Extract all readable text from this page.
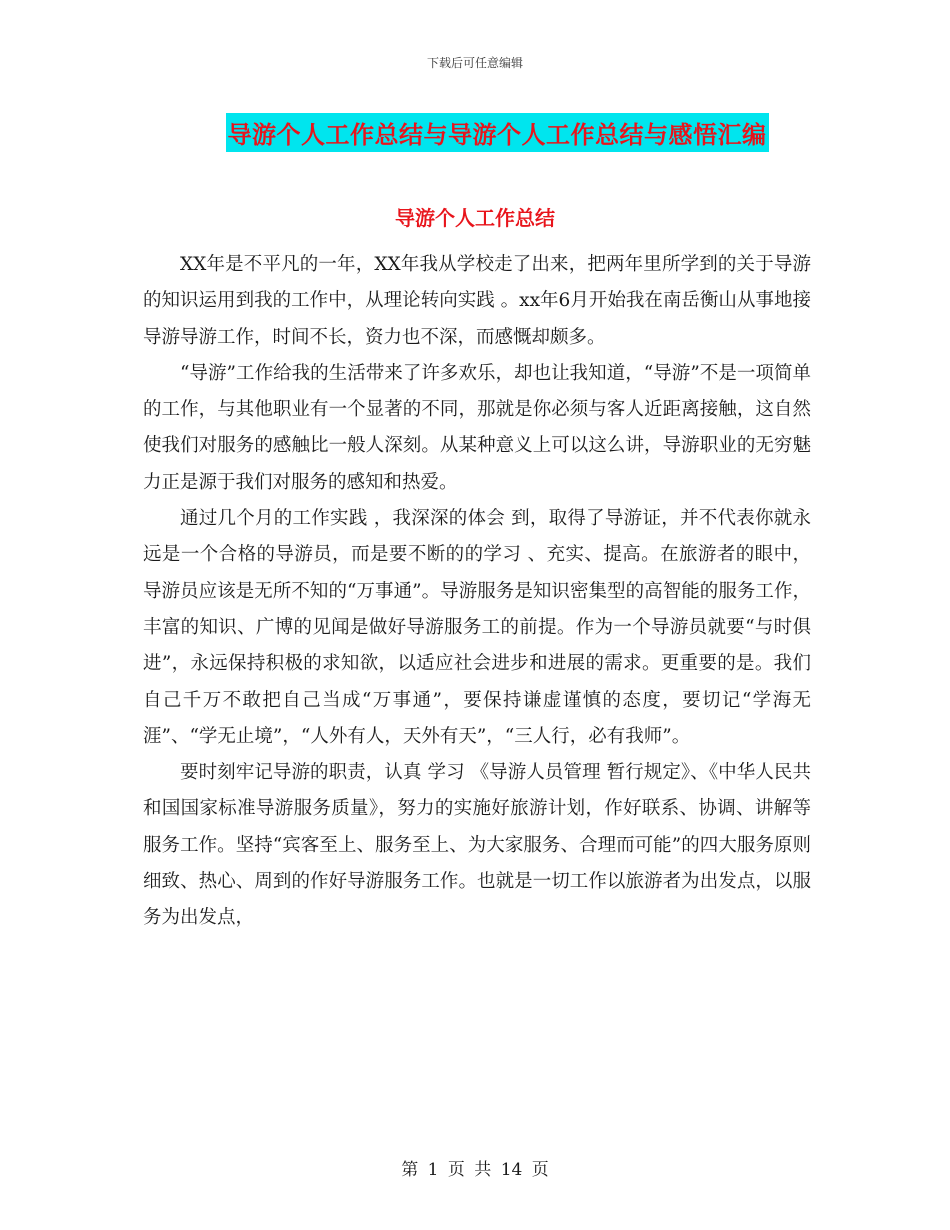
下载后可任意编辑
导游个人工作总结与导游个人工作总结与感悟汇编
导游个人工作总结

XX年是不平凡的一年，XX年我从学校走了出来，把两年里所学到的关于导游的知识运用到我的工作中，从理论转向实践 。xx年6月开始我在南岳衡山从事地接导游导游工作，时间不长，资力也不深，而感慨却颇多。

“导游”工作给我的生活带来了许多欢乐，却也让我知道，“导游”不是一项简单的工作，与其他职业有一个显著的不同，那就是你必须与客人近距离接触，这自然使我们对服务的感触比一般人深刻。从某种意义上可以这么讲，导游职业的无穷魅力正是源于我们对服务的感知和热爱。

通过几个月的工作实践 ，我深深的体会 到，取得了导游证，并不代表你就永远是一个合格的导游员，而是要不断的的学习 、充实、提高。在旅游者的眼中，导游员应该是无所不知的“万事通”。导游服务是知识密集型的高智能的服务工作，丰富的知识、广博的见闻是做好导游服务工的前提。作为一个导游员就要“与时俱进”，永远保持积极的求知欲，以适应社会进步和进展的需求。更重要的是。我们自己千万不敢把自己当成“万事通”，要保持谦虚谨慎的态度，要切记“学海无涯”、“学无止境”，“人外有人，天外有天”，“三人行，必有我师”。

要时刻牢记导游的职责，认真 学习 《导游人员管理 暂行规定》、《中华人民共和国国家标准导游服务质量》，努力的实施好旅游计划，作好联系、协调、讲解等服务工作。坚持“宾客至上、服务至上、为大家服务、合理而可能”的四大服务原则细致、热心、周到的作好导游服务工作。也就是一切工作以旅游者为出发点，以服务为出发点，

第 1 页 共 14 页
